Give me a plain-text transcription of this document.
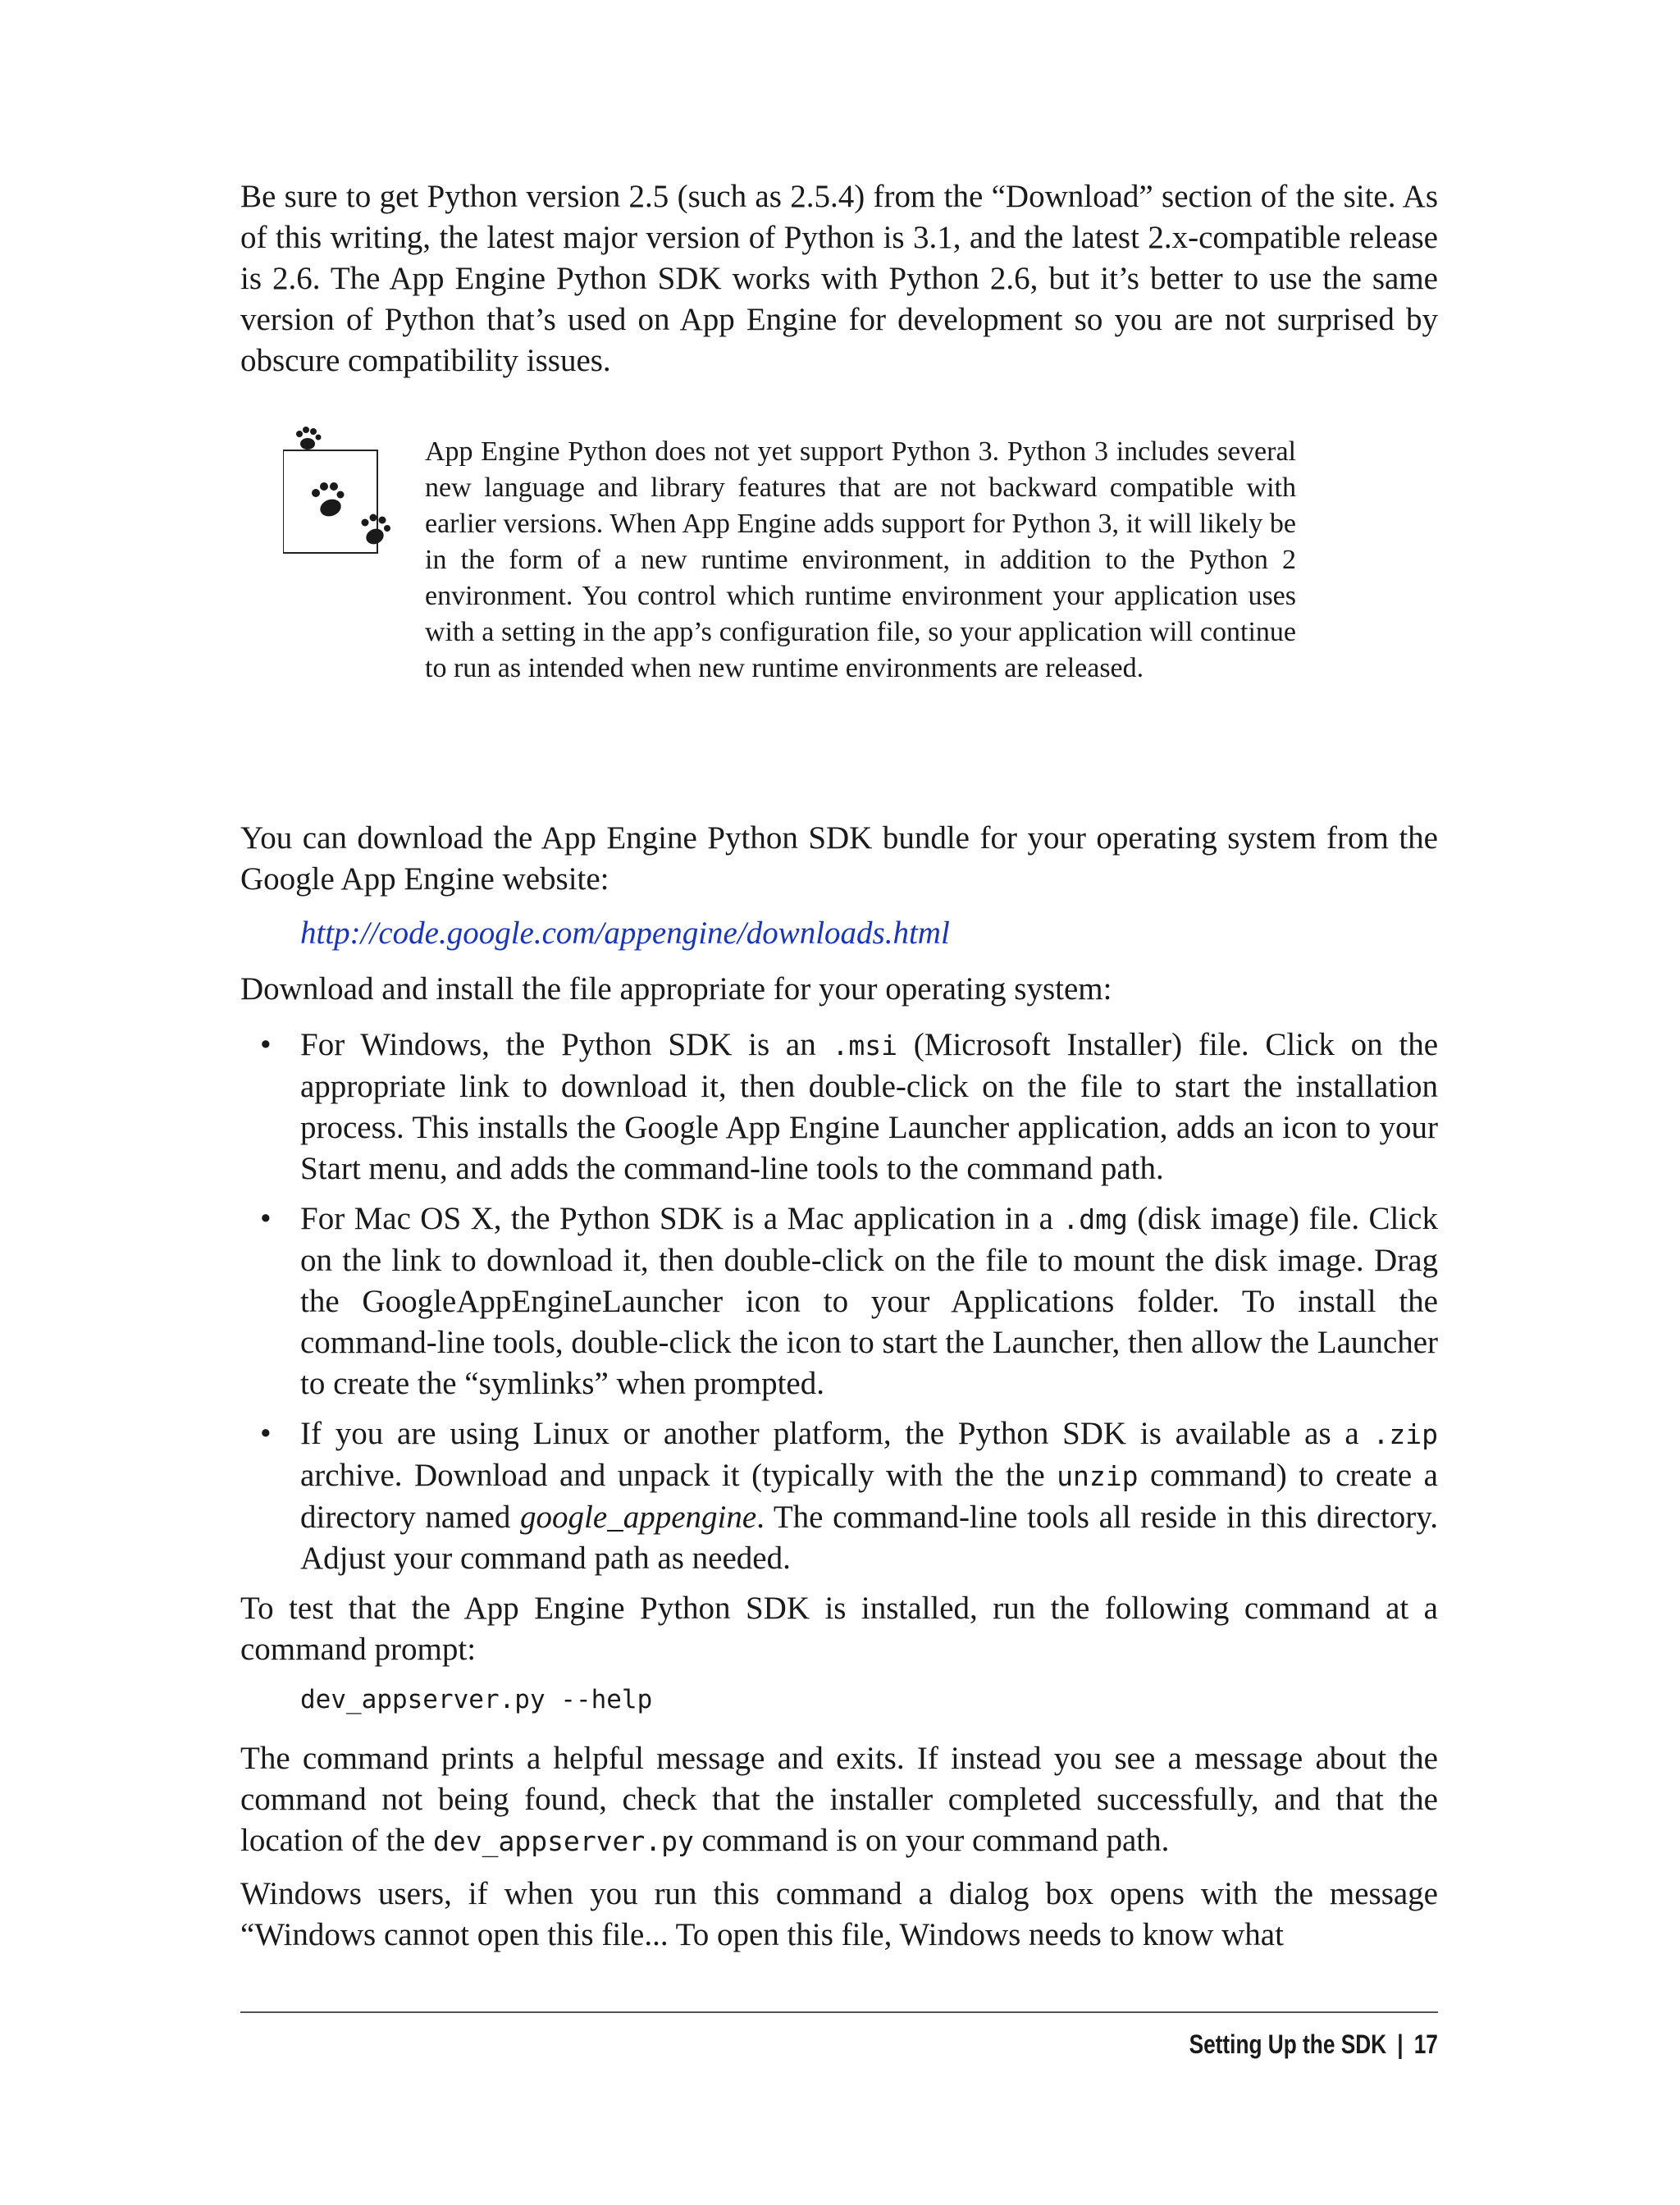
Be sure to get Python version 2.5 (such as 2.5.4) from the “Download” section of the site. As of this writing, the latest major version of Python is 3.1, and the latest 2.x-compatible release is 2.6. The App Engine Python SDK works with Python 2.6, but it’s better to use the same version of Python that’s used on App Engine for development so you are not surprised by obscure compatibility issues.

App Engine Python does not yet support Python 3. Python 3 includes several new language and library features that are not backward compatible with earlier versions. When App Engine adds support for Python 3, it will likely be in the form of a new runtime environment, in addition to the Python 2 environment. You control which runtime environment your application uses with a setting in the app’s configuration file, so your application will continue to run as intended when new runtime environments are released.

You can download the App Engine Python SDK bundle for your operating system from the Google App Engine website:

http://code.google.com/appengine/downloads.html

Download and install the file appropriate for your operating system:

• For Windows, the Python SDK is an .msi (Microsoft Installer) file. Click on the appropriate link to download it, then double-click on the file to start the installation process. This installs the Google App Engine Launcher application, adds an icon to your Start menu, and adds the command-line tools to the command path.
• For Mac OS X, the Python SDK is a Mac application in a .dmg (disk image) file. Click on the link to download it, then double-click on the file to mount the disk image. Drag the GoogleAppEngineLauncher icon to your Applications folder. To install the command-line tools, double-click the icon to start the Launcher, then allow the Launcher to create the “symlinks” when prompted.
• If you are using Linux or another platform, the Python SDK is available as a .zip archive. Download and unpack it (typically with the the unzip command) to create a directory named google_appengine. The command-line tools all reside in this directory. Adjust your command path as needed.

To test that the App Engine Python SDK is installed, run the following command at a command prompt:

dev_appserver.py --help

The command prints a helpful message and exits. If instead you see a message about the command not being found, check that the installer completed successfully, and that the location of the dev_appserver.py command is on your command path.

Windows users, if when you run this command a dialog box opens with the message “Windows cannot open this file... To open this file, Windows needs to know what

Setting Up the SDK | 17
